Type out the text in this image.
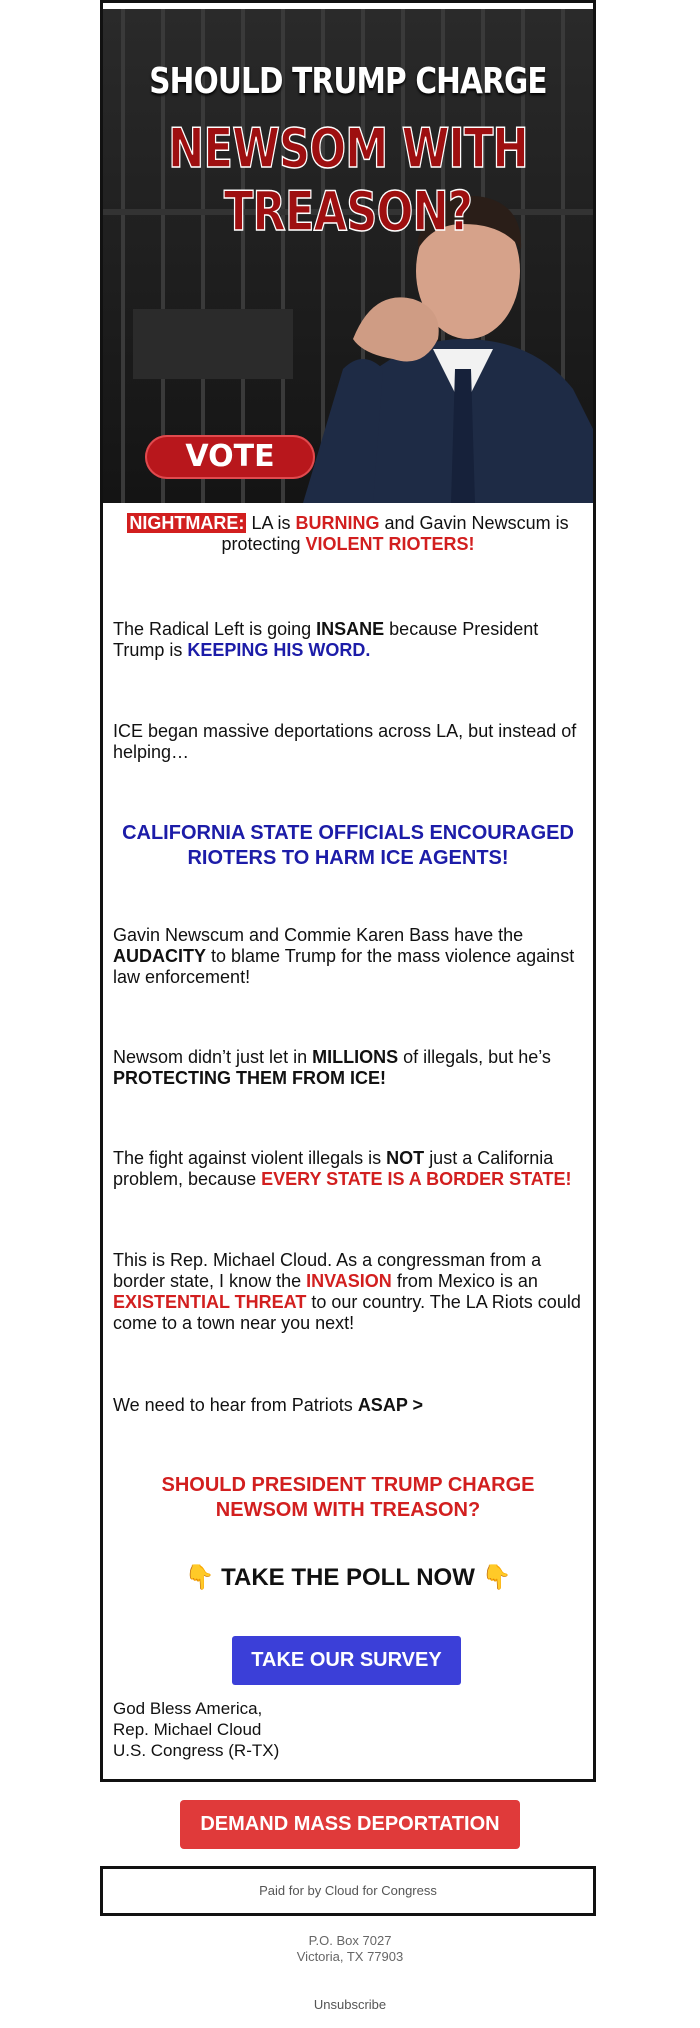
SHOULD TRUMP CHARGE
NEWSOM WITH TREASON?
VOTE
NIGHTMARE: LA is BURNING and Gavin Newscum is protecting VIOLENT RIOTERS!
The Radical Left is going INSANE because President Trump is KEEPING HIS WORD.
ICE began massive deportations across LA, but instead of helping…
CALIFORNIA STATE OFFICIALS ENCOURAGED RIOTERS TO HARM ICE AGENTS!
Gavin Newscum and Commie Karen Bass have the AUDACITY to blame Trump for the mass violence against law enforcement!
Newsom didn’t just let in MILLIONS of illegals, but he’s PROTECTING THEM FROM ICE!
The fight against violent illegals is NOT just a California problem, because EVERY STATE IS A BORDER STATE!
This is Rep. Michael Cloud. As a congressman from a border state, I know the INVASION from Mexico is an EXISTENTIAL THREAT to our country. The LA Riots could come to a town near you next!
We need to hear from Patriots ASAP >
SHOULD PRESIDENT TRUMP CHARGE NEWSOM WITH TREASON?
👇 TAKE THE POLL NOW 👇
TAKE OUR SURVEY
God Bless America,
Rep. Michael Cloud
U.S. Congress (R-TX)
DEMAND MASS DEPORTATION
Paid for by Cloud for Congress
P.O. Box 7027
Victoria, TX 77903
Unsubscribe
